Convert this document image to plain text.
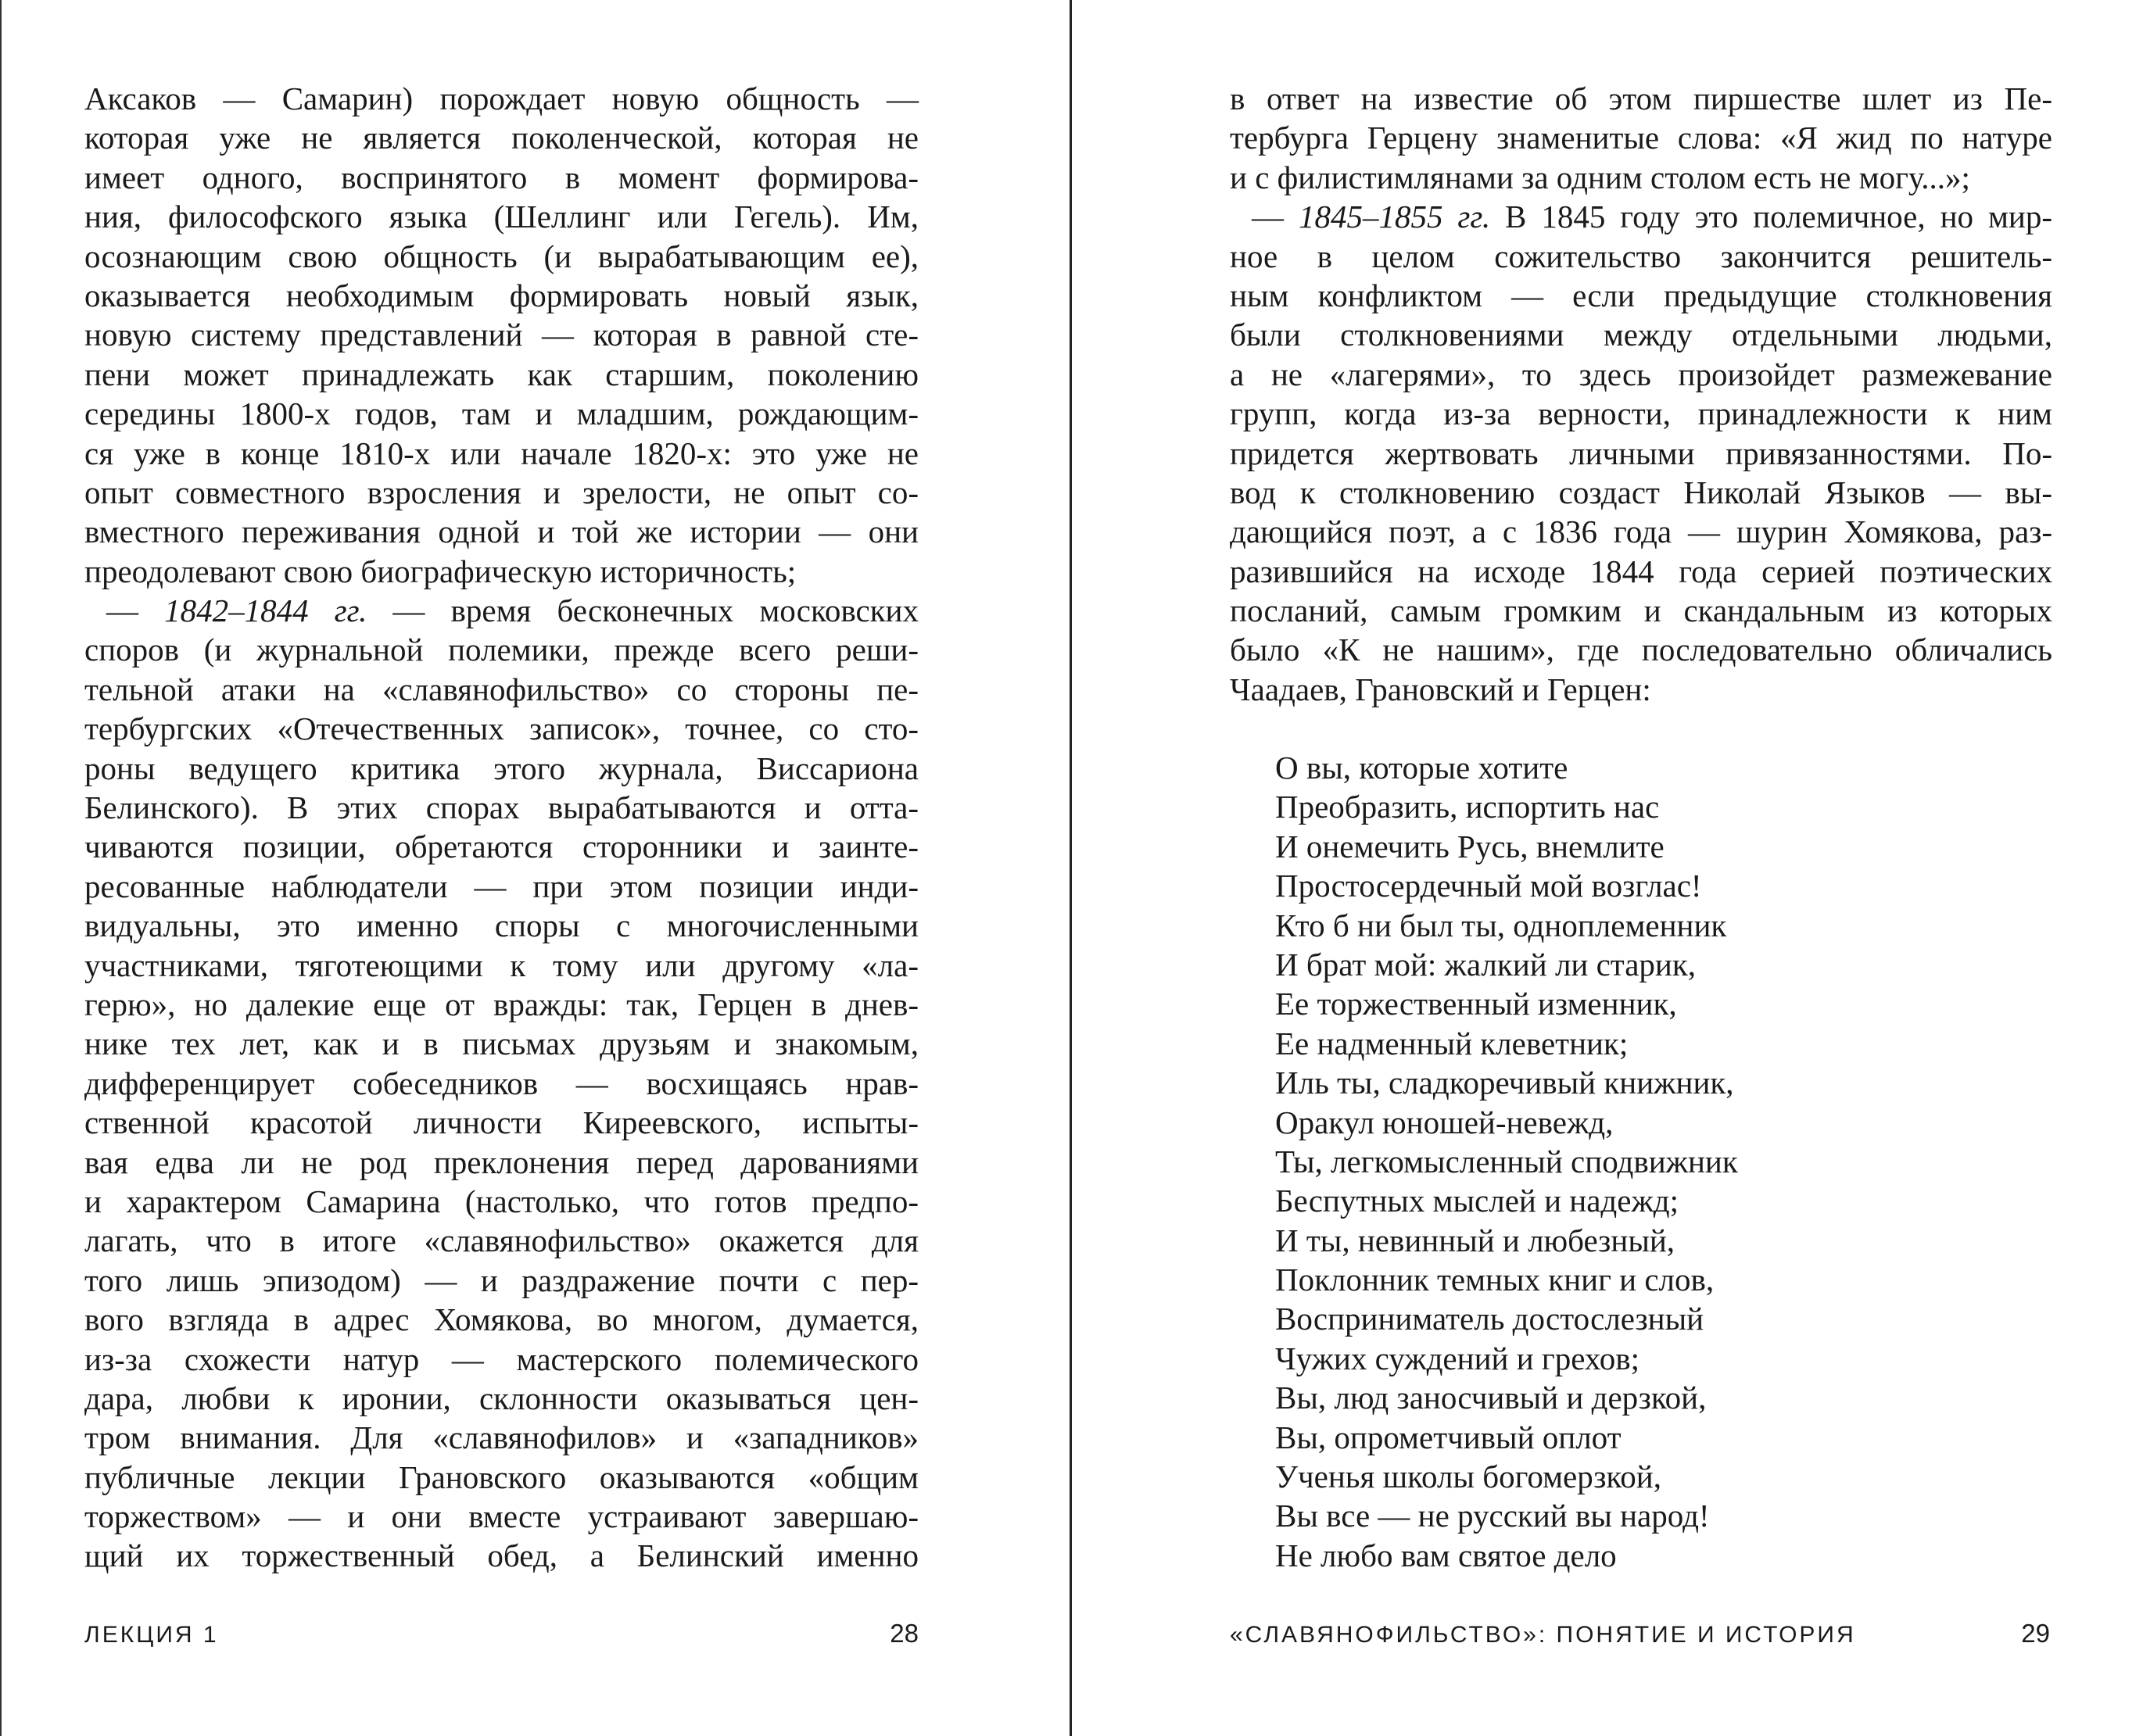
Аксаков — Самарин) порождает новую общность —
которая уже не является поколенческой, которая не
имеет одного, воспринятого в момент формирова-
ния, философского языка (Шеллинг или Гегель). Им,
осознающим свою общность (и вырабатывающим ее),
оказывается необходимым формировать новый язык,
новую систему представлений — которая в равной сте-
пени может принадлежать как старшим, поколению
середины 1800-х годов, там и младшим, рождающим-
ся уже в конце 1810-х или начале 1820-х: это уже не
опыт совместного взросления и зрелости, не опыт со-
вместного переживания одной и той же истории — они
преодолевают свою биографическую историчность;
— 1842–1844 гг. — время бесконечных московских
споров (и журнальной полемики, прежде всего реши-
тельной атаки на «славянофильство» со стороны пе-
тербургских «Отечественных записок», точнее, со сто-
роны ведущего критика этого журнала, Виссариона
Белинского). В этих спорах вырабатываются и отта-
чиваются позиции, обретаются сторонники и заинте-
ресованные наблюдатели — при этом позиции инди-
видуальны, это именно споры с многочисленными
участниками, тяготеющими к тому или другому «ла-
герю», но далекие еще от вражды: так, Герцен в днев-
нике тех лет, как и в письмах друзьям и знакомым,
дифференцирует собеседников — восхищаясь нрав-
ственной красотой личности Киреевского, испыты-
вая едва ли не род преклонения перед дарованиями
и характером Самарина (настолько, что готов предпо-
лагать, что в итоге «славянофильство» окажется для
того лишь эпизодом) — и раздражение почти с пер-
вого взгляда в адрес Хомякова, во многом, думается,
из-за схожести натур — мастерского полемического
дара, любви к иронии, склонности оказываться цен-
тром внимания. Для «славянофилов» и «западников»
публичные лекции Грановского оказываются «общим
торжеством» — и они вместе устраивают завершаю-
щий их торжественный обед, а Белинский именно
в ответ на известие об этом пиршестве шлет из Пе-
тербурга Герцену знаменитые слова: «Я жид по натуре
и с филистимлянами за одним столом есть не могу...»;
— 1845–1855 гг. В 1845 году это полемичное, но мир-
ное в целом сожительство закончится решитель-
ным конфликтом — если предыдущие столкновения
были столкновениями между отдельными людьми,
а не «лагерями», то здесь произойдет размежевание
групп, когда из-за верности, принадлежности к ним
придется жертвовать личными привязанностями. По-
вод к столкновению создаст Николай Языков — вы-
дающийся поэт, а с 1836 года — шурин Хомякова, раз-
разившийся на исходе 1844 года серией поэтических
посланий, самым громким и скандальным из которых
было «К не нашим», где последовательно обличались
Чаадаев, Грановский и Герцен:
О вы, которые хотите
Преобразить, испортить нас
И онемечить Русь, внемлите
Простосердечный мой возглас!
Кто б ни был ты, одноплеменник
И брат мой: жалкий ли старик,
Ее торжественный изменник,
Ее надменный клеветник;
Иль ты, сладкоречивый книжник,
Оракул юношей-невежд,
Ты, легкомысленный сподвижник
Беспутных мыслей и надежд;
И ты, невинный и любезный,
Поклонник темных книг и слов,
Восприниматель достослезный
Чужих суждений и грехов;
Вы, люд заносчивый и дерзкой,
Вы, опрометчивый оплот
Ученья школы богомерзкой,
Вы все — не русский вы народ!
Не любо вам святое дело
ЛЕКЦИЯ 1	28	«СЛАВЯНОФИЛЬСТВО»: ПОНЯТИЕ И ИСТОРИЯ	29
